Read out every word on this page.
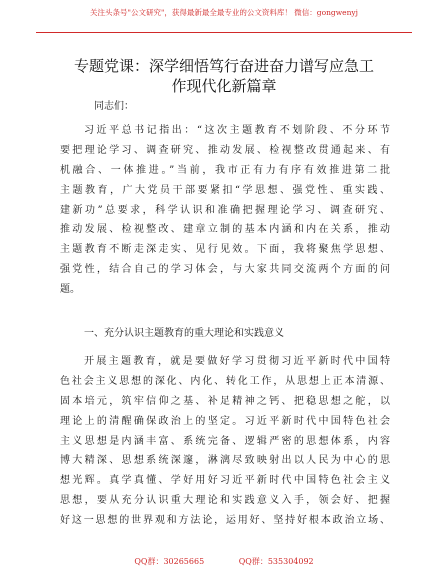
关注头条号"公文研究"，获得最新最全最专业的公文资料库！ 微信：gongwenyj
专题党课：深学细悟笃行奋进奋力谱写应急工
作现代化新篇章
同志们：
习近平总书记指出：“这次主题教育不划阶段、不分环节
要把理论学习、调查研究、推动发展、检视整改贯通起来、有
机融合、一体推进。”当前，我市正有力有序有效推进第二批
主题教育，广大党员干部要紧扣“学思想、强党性、重实践、
建新功”总要求，科学认识和准确把握理论学习、调查研究、
推动发展、检视整改、建章立制的基本内涵和内在关系，推动
主题教育不断走深走实、见行见效。下面，我将聚焦学思想、
强党性，结合自己的学习体会，与大家共同交流两个方面的问
题。
一、充分认识主题教育的重大理论和实践意义
开展主题教育，就是要做好学习贯彻习近平新时代中国特
色社会主义思想的深化、内化、转化工作，从思想上正本清源、
固本培元，筑牢信仰之基、补足精神之钙、把稳思想之舵，以
理论上的清醒确保政治上的坚定。习近平新时代中国特色社会
主义思想是内涵丰富、系统完备、逻辑严密的思想体系，内容
博大精深、思想系统深邃，淋漓尽致映射出以人民为中心的思
想光辉。真学真懂、学好用好习近平新时代中国特色社会主义
思想，要从充分认识重大理论和实践意义入手，领会好、把握
好这一思想的世界观和方法论，运用好、坚持好根本政治立场、
QQ群：30265665	QQ群：535304092
